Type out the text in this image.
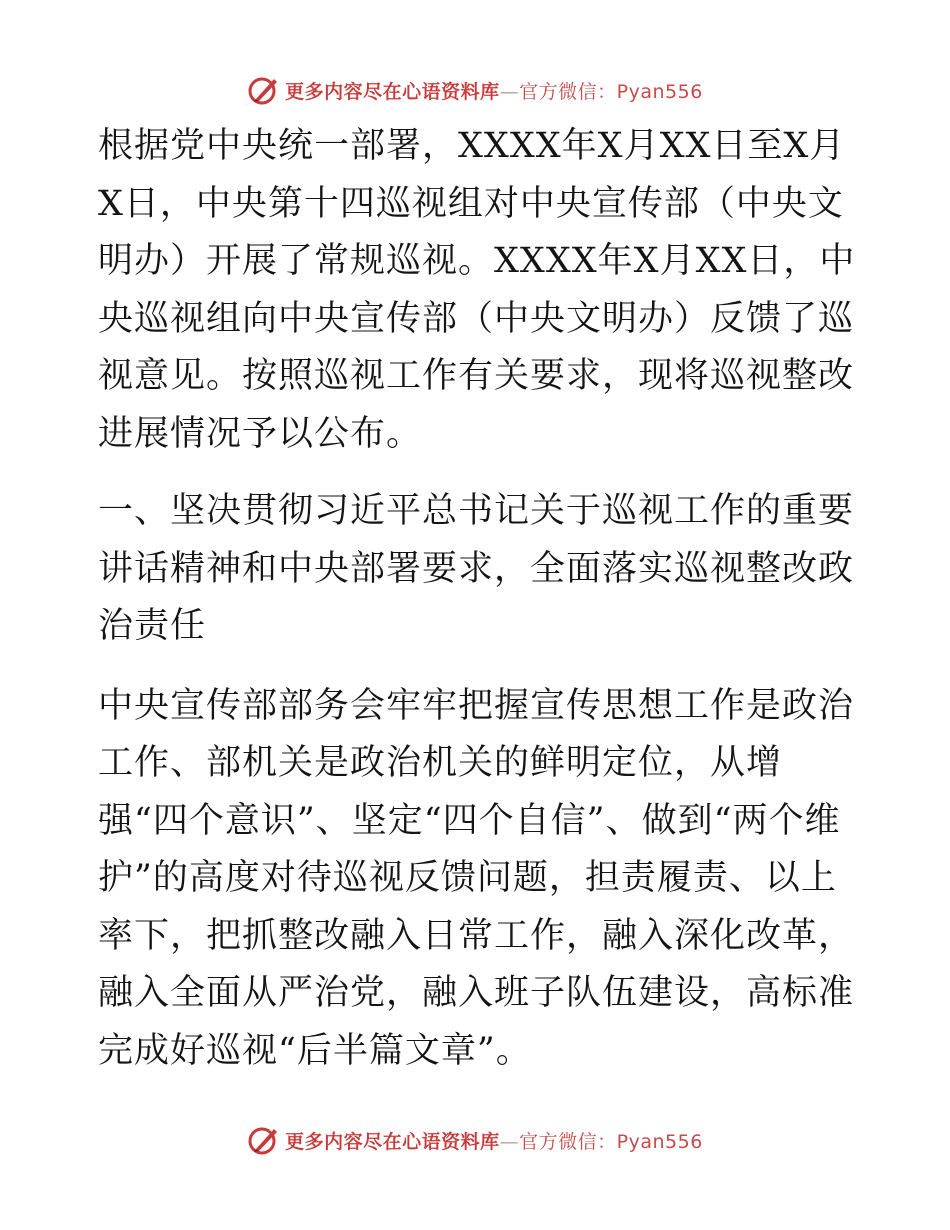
更多内容尽在心语资料库—官方微信：Pyan556

根据党中央统一部署，XXXX年X月XX日至X月X日，中央第十四巡视组对中央宣传部（中央文明办）开展了常规巡视。XXXX年X月XX日，中央巡视组向中央宣传部（中央文明办）反馈了巡视意见。按照巡视工作有关要求，现将巡视整改进展情况予以公布。

一、坚决贯彻习近平总书记关于巡视工作的重要讲话精神和中央部署要求，全面落实巡视整改政治责任

中央宣传部部务会牢牢把握宣传思想工作是政治工作、部机关是政治机关的鲜明定位，从增强“四个意识”、坚定“四个自信”、做到“两个维护”的高度对待巡视反馈问题，担责履责、以上率下，把抓整改融入日常工作，融入深化改革，融入全面从严治党，融入班子队伍建设，高标准完成好巡视“后半篇文章”。

更多内容尽在心语资料库—官方微信：Pyan556
